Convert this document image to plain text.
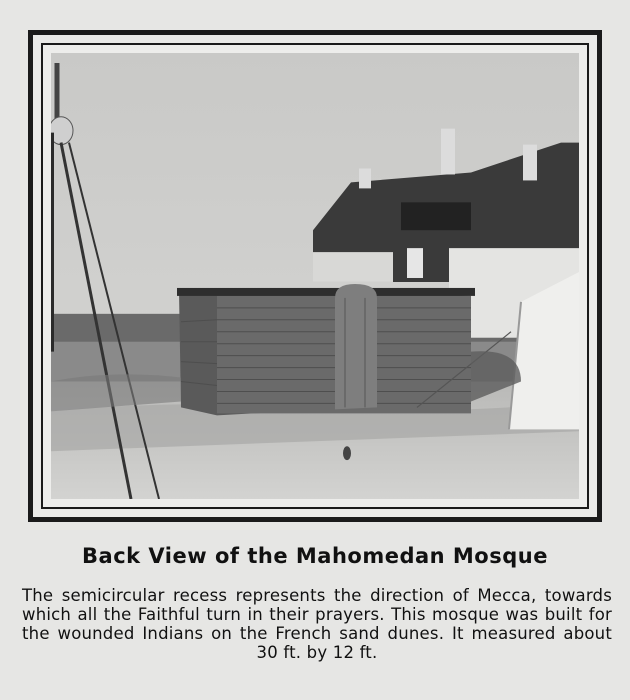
Back View of the Mahomedan Mosque
The semicircular recess represents the direction of Mecca, towards which all the Faithful turn in their prayers. This mosque was built for the wounded Indians on the French sand dunes. It measured about 30 ft. by 12 ft.
